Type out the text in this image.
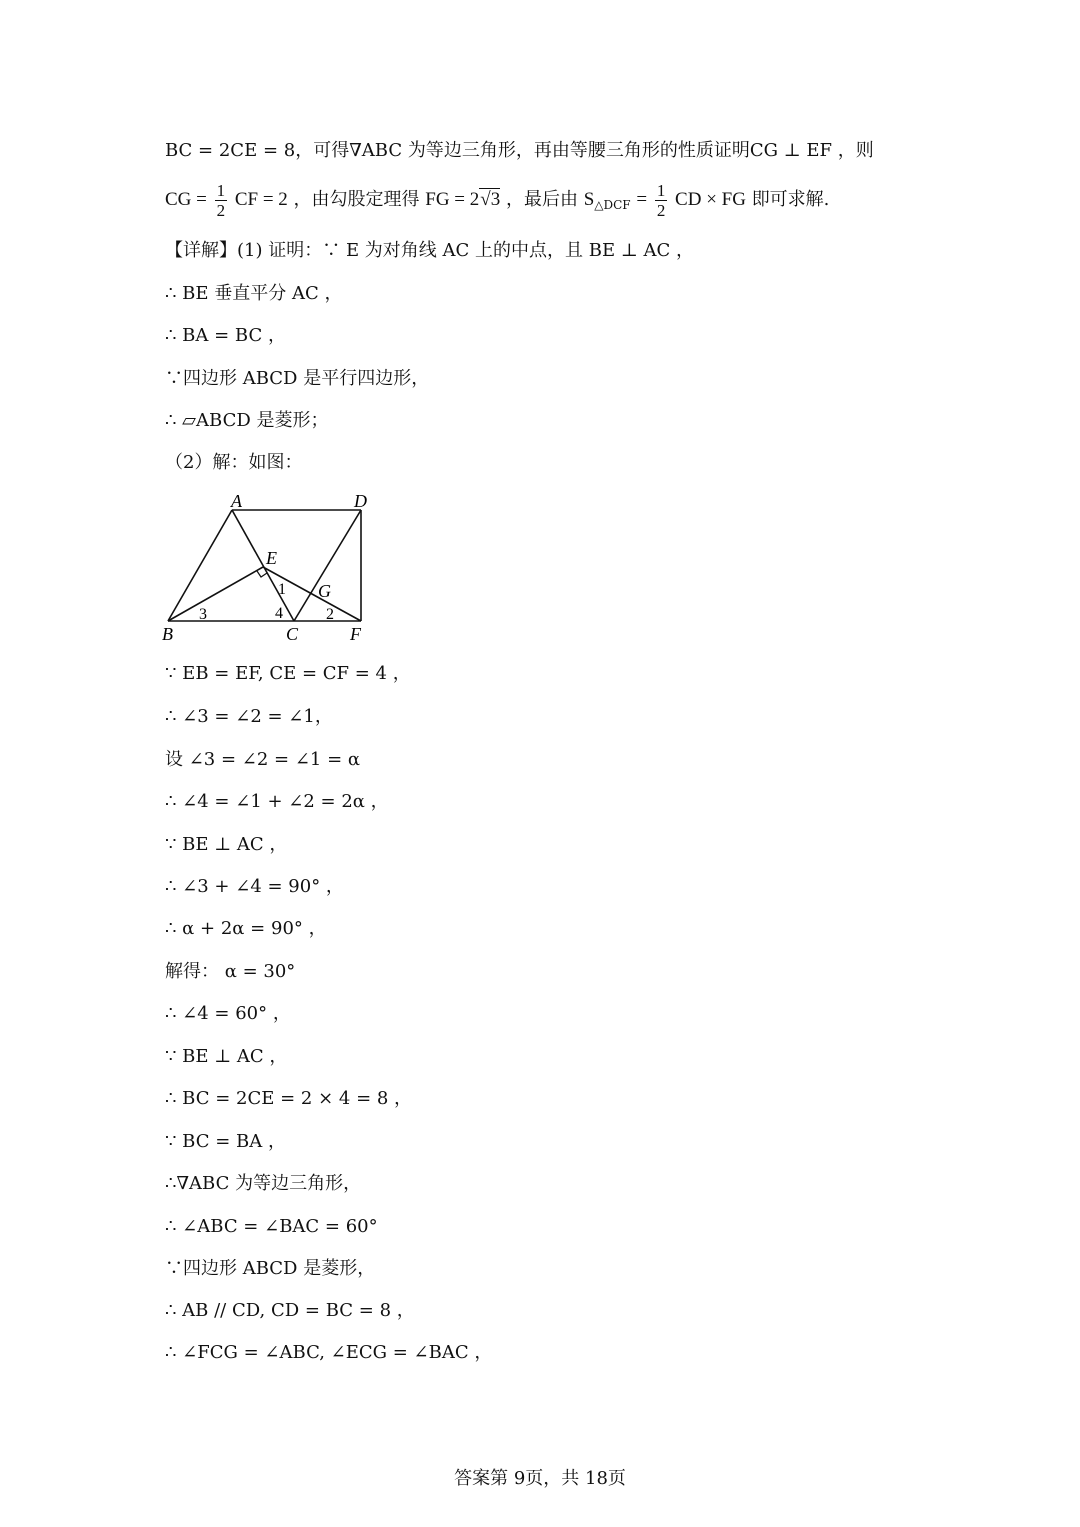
BC = 2CE = 8，可得∇ABC 为等边三角形，再由等腰三角形的性质证明CG ⊥ EF ，则
CG = $\frac{1}{2}$ CF = 2 ，由勾股定理得 FG = 2√3 ，最后由 $S_{\triangle DCF} = \frac{1}{2}$ CD × FG 即可求解.
【详解】(1) 证明：∵ E 为对角线 AC 上的中点，且 BE ⊥ AC ，
∴ BE 垂直平分 AC ，
∴ BA = BC ，
∵四边形 ABCD 是平行四边形，
∴ ▱ABCD 是菱形；
（2）解：如图：
A	D
E
G
B	C	F
1
2
3	4
∵ EB = EF, CE = CF = 4 ，
∴ ∠3 = ∠2 = ∠1，
设 ∠3 = ∠2 = ∠1 = α
∴ ∠4 = ∠1 + ∠2 = 2α ，
∵ BE ⊥ AC ，
∴ ∠3 + ∠4 = 90° ，
∴ α + 2α = 90° ，
解得： α = 30°
∴ ∠4 = 60° ，
∵ BE ⊥ AC ，
∴ BC = 2CE = 2 × 4 = 8 ，
∵ BC = BA ，
∴∇ABC 为等边三角形，
∴ ∠ABC = ∠BAC = 60°
∵四边形 ABCD 是菱形，
∴ AB // CD, CD = BC = 8 ，
∴ ∠FCG = ∠ABC, ∠ECG = ∠BAC ，
答案第 9页，共 18页
